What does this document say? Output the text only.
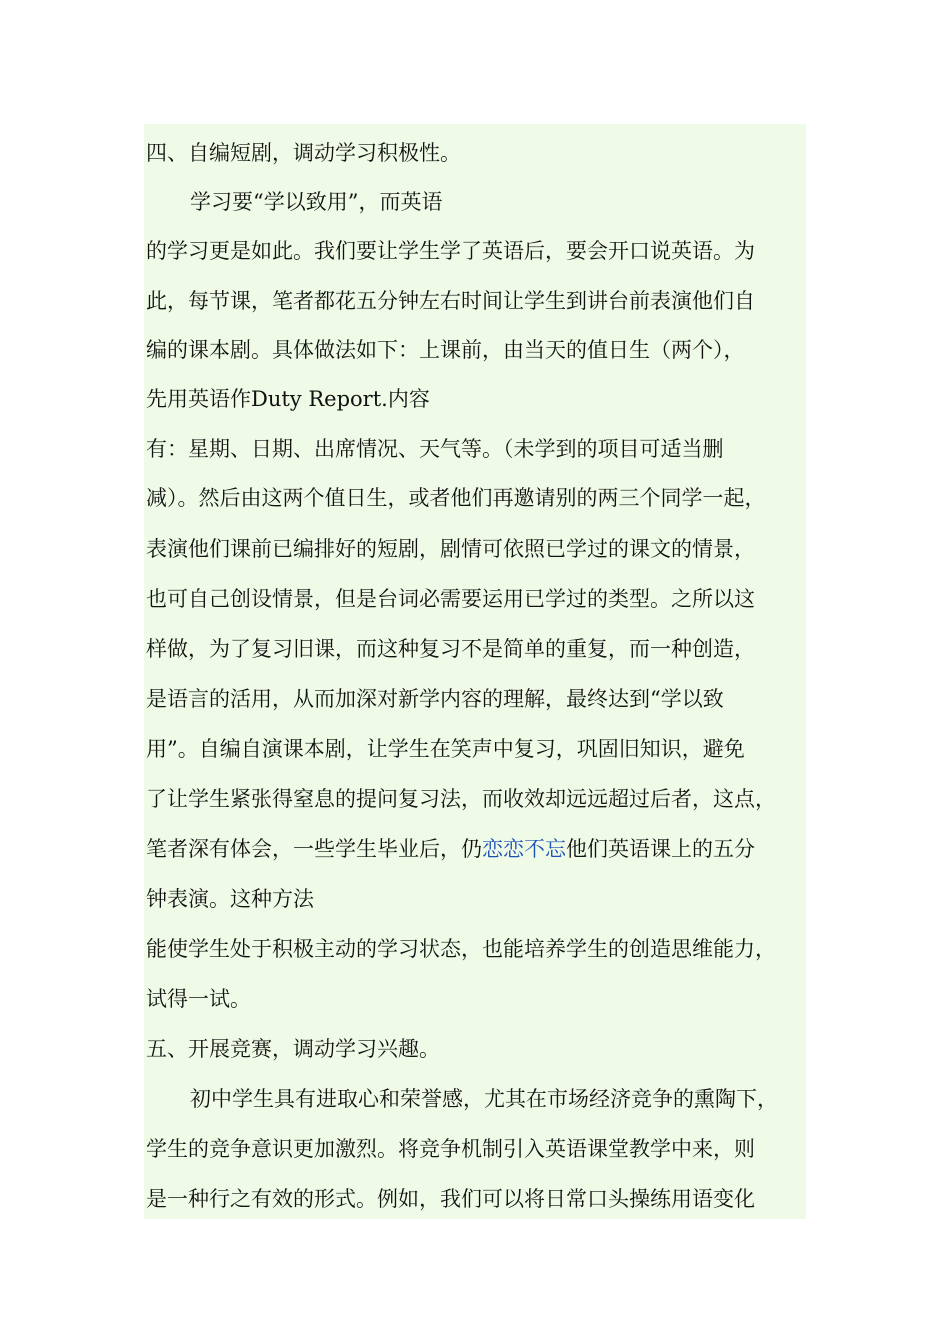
四、自编短剧，调动学习积极性。
学习要“学以致用”，而英语
的学习更是如此。我们要让学生学了英语后，要会开口说英语。为
此，每节课，笔者都花五分钟左右时间让学生到讲台前表演他们自
编的课本剧。具体做法如下：上课前，由当天的值日生（两个），
先用英语作Duty Report.内容
有：星期、日期、出席情况、天气等。（未学到的项目可适当删
减）。然后由这两个值日生，或者他们再邀请别的两三个同学一起，
表演他们课前已编排好的短剧，剧情可依照已学过的课文的情景，
也可自己创设情景，但是台词必需要运用已学过的类型。之所以这
样做，为了复习旧课，而这种复习不是简单的重复，而一种创造，
是语言的活用，从而加深对新学内容的理解，最终达到“学以致
用”。自编自演课本剧，让学生在笑声中复习，巩固旧知识，避免
了让学生紧张得窒息的提问复习法，而收效却远远超过后者，这点，
笔者深有体会，一些学生毕业后，仍恋恋不忘他们英语课上的五分
钟表演。这种方法
能使学生处于积极主动的学习状态，也能培养学生的创造思维能力，
试得一试。
五、开展竞赛，调动学习兴趣。
初中学生具有进取心和荣誉感，尤其在市场经济竞争的熏陶下，
学生的竞争意识更加激烈。将竞争机制引入英语课堂教学中来，则
是一种行之有效的形式。例如，我们可以将日常口头操练用语变化
